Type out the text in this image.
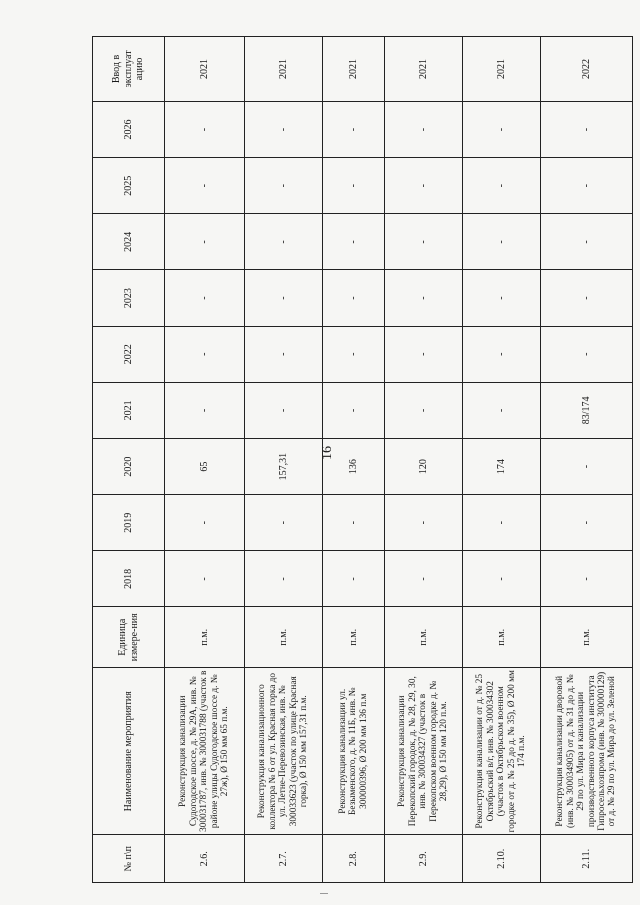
16
№ п\п	Наименование мероприятия	Единица измере-ния	2018	2019	2020	2021	2022	2023	2024	2025	2026	Ввод в эксплуат ацию
2.6.	Реконструкция канализации Судогодское шоссе, д. № 29А, инв. № 300031787, инв. № 300031788 (участок в районе улицы Судогодское шоссе д. № 27ж), Ø 150 мм 65 п.м.	п.м.	-	-	65	-	-	-	-	-	-	2021
2.7.	Реконструкция канализационного коллектора № 6 от ул. Красная горка до ул. Летне-Перевозинская, инв. № 300033623 (участок по улице Красная горка), Ø 150 мм 157,31 п.м.	п.м.	-	-	157,31	-	-	-	-	-	-	2021
2.8.	Реконструкция канализации ул. Безыменского, д. № 11Б, инв. № 300000396, Ø 200 мм 136 п.м	п.м.	-	-	136	-	-	-	-	-	-	2021
2.9.	Реконструкция канализации Перекопский городок, д. № 28, 29, 30, инв. № 300034327 (участок в Перекопском военном городке д. № 28,29), Ø 150 мм 120 п.м.	п.м.	-	-	120	-	-	-	-	-	-	2021
2.10.	Реконструкция канализации от д. № 25 Октябрьский в/г, инв. № 300034302 (участок в Октябрьском военном городке от д. № 25 до д. № 35), Ø 200 мм 174 п.м.	п.м.	-	-	174	-	-	-	-	-	-	2021
2.11.	Реконструкция канализации дворовой (инв. № 300034905) от д. № 31 до д. № 29 по ул. Мира и канализации производственного корпуса института Гипросельхозпрома (инв. № 300000129) от д. № 29 по ул. Мира до ул. Зеленой	п.м.	-	-	-	83/174	-	-	-	-	-	2022
